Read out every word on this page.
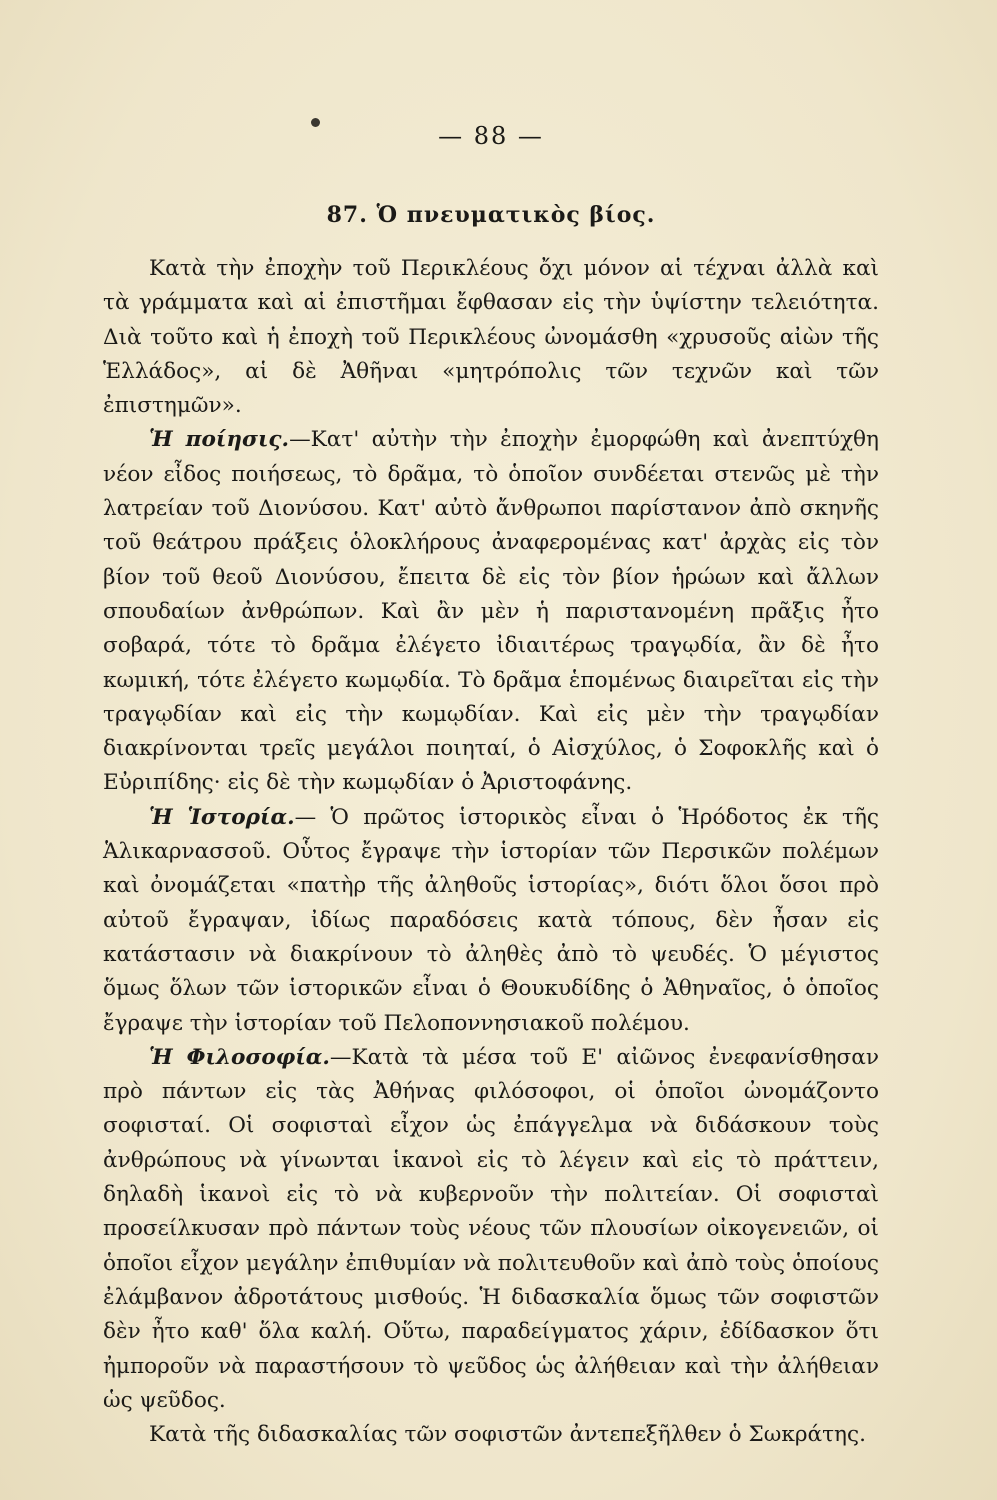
— 88 —
87. Ὁ πνευματικὸς βίος.

Κατὰ τὴν ἐποχὴν τοῦ Περικλέους ὄχι μόνον αἱ τέχναι ἀλλὰ καὶ τὰ γράμματα καὶ αἱ ἐπιστῆμαι ἔφθασαν εἰς τὴν ὑψίστην τελειότητα. Διὰ τοῦτο καὶ ἡ ἐποχὴ τοῦ Περικλέους ὠνομάσθη «χρυσοῦς αἰὼν τῆς Ἑλλάδος», αἱ δὲ Ἀθῆναι «μητρόπολις τῶν τεχνῶν καὶ τῶν ἐπιστημῶν».

Ἡ ποίησις.—Κατ' αὐτὴν τὴν ἐποχὴν ἐμορφώθη καὶ ἀνεπτύχθη νέον εἶδος ποιήσεως, τὸ δρᾶμα, τὸ ὁποῖον συνδέεται στενῶς μὲ τὴν λατρείαν τοῦ Διονύσου. Κατ' αὐτὸ ἄνθρωποι παρίστανον ἀπὸ σκηνῆς τοῦ θεάτρου πράξεις ὁλοκλήρους ἀναφερομένας κατ' ἀρχὰς εἰς τὸν βίον τοῦ θεοῦ Διονύσου, ἔπειτα δὲ εἰς τὸν βίον ἡρώων καὶ ἄλλων σπουδαίων ἀνθρώπων. Καὶ ἂν μὲν ἡ παριστανομένη πρᾶξις ἦτο σοβαρά, τότε τὸ δρᾶμα ἐλέγετο ἰδιαιτέρως τραγῳδία, ἂν δὲ ἦτο κωμική, τότε ἐλέγετο κωμῳδία. Τὸ δρᾶμα ἑπομένως διαιρεῖται εἰς τὴν τραγῳδίαν καὶ εἰς τὴν κωμῳδίαν. Καὶ εἰς μὲν τὴν τραγῳδίαν διακρίνονται τρεῖς μεγάλοι ποιηταί, ὁ Αἰσχύλος, ὁ Σοφοκλῆς καὶ ὁ Εὐριπίδης· εἰς δὲ τὴν κωμῳδίαν ὁ Ἀριστοφάνης.

Ἡ Ἱστορία.— Ὁ πρῶτος ἱστορικὸς εἶναι ὁ Ἡρόδοτος ἐκ τῆς Ἁλικαρνασσοῦ. Οὗτος ἔγραψε τὴν ἱστορίαν τῶν Περσικῶν πολέμων καὶ ὀνομάζεται «πατὴρ τῆς ἀληθοῦς ἱστορίας», διότι ὅλοι ὅσοι πρὸ αὐτοῦ ἔγραψαν, ἰδίως παραδόσεις κατὰ τόπους, δὲν ἦσαν εἰς κατάστασιν νὰ διακρίνουν τὸ ἀληθὲς ἀπὸ τὸ ψευδές. Ὁ μέγιστος ὅμως ὅλων τῶν ἱστορικῶν εἶναι ὁ Θουκυδίδης ὁ Ἀθηναῖος, ὁ ὁποῖος ἔγραψε τὴν ἱστορίαν τοῦ Πελοποννησιακοῦ πολέμου.

Ἡ Φιλοσοφία.—Κατὰ τὰ μέσα τοῦ Ε' αἰῶνος ἐνεφανίσθησαν πρὸ πάντων εἰς τὰς Ἀθήνας φιλόσοφοι, οἱ ὁποῖοι ὠνομάζοντο σοφισταί. Οἱ σοφισταὶ εἶχον ὡς ἐπάγγελμα νὰ διδάσκουν τοὺς ἀνθρώπους νὰ γίνωνται ἱκανοὶ εἰς τὸ λέγειν καὶ εἰς τὸ πράττειν, δηλαδὴ ἱκανοὶ εἰς τὸ νὰ κυβερνοῦν τὴν πολιτείαν. Οἱ σοφισταὶ προσείλκυσαν πρὸ πάντων τοὺς νέους τῶν πλουσίων οἰκογενειῶν, οἱ ὁποῖοι εἶχον μεγάλην ἐπιθυμίαν νὰ πολιτευθοῦν καὶ ἀπὸ τοὺς ὁποίους ἐλάμβανον ἀδροτάτους μισθούς. Ἡ διδασκαλία ὅμως τῶν σοφιστῶν δὲν ἦτο καθ' ὅλα καλή. Οὕτω, παραδείγματος χάριν, ἐδίδασκον ὅτι ἠμποροῦν νὰ παραστήσουν τὸ ψεῦδος ὡς ἀλήθειαν καὶ τὴν ἀλήθειαν ὡς ψεῦδος.

Κατὰ τῆς διδασκαλίας τῶν σοφιστῶν ἀντεπεξῆλθεν ὁ Σωκράτης.
